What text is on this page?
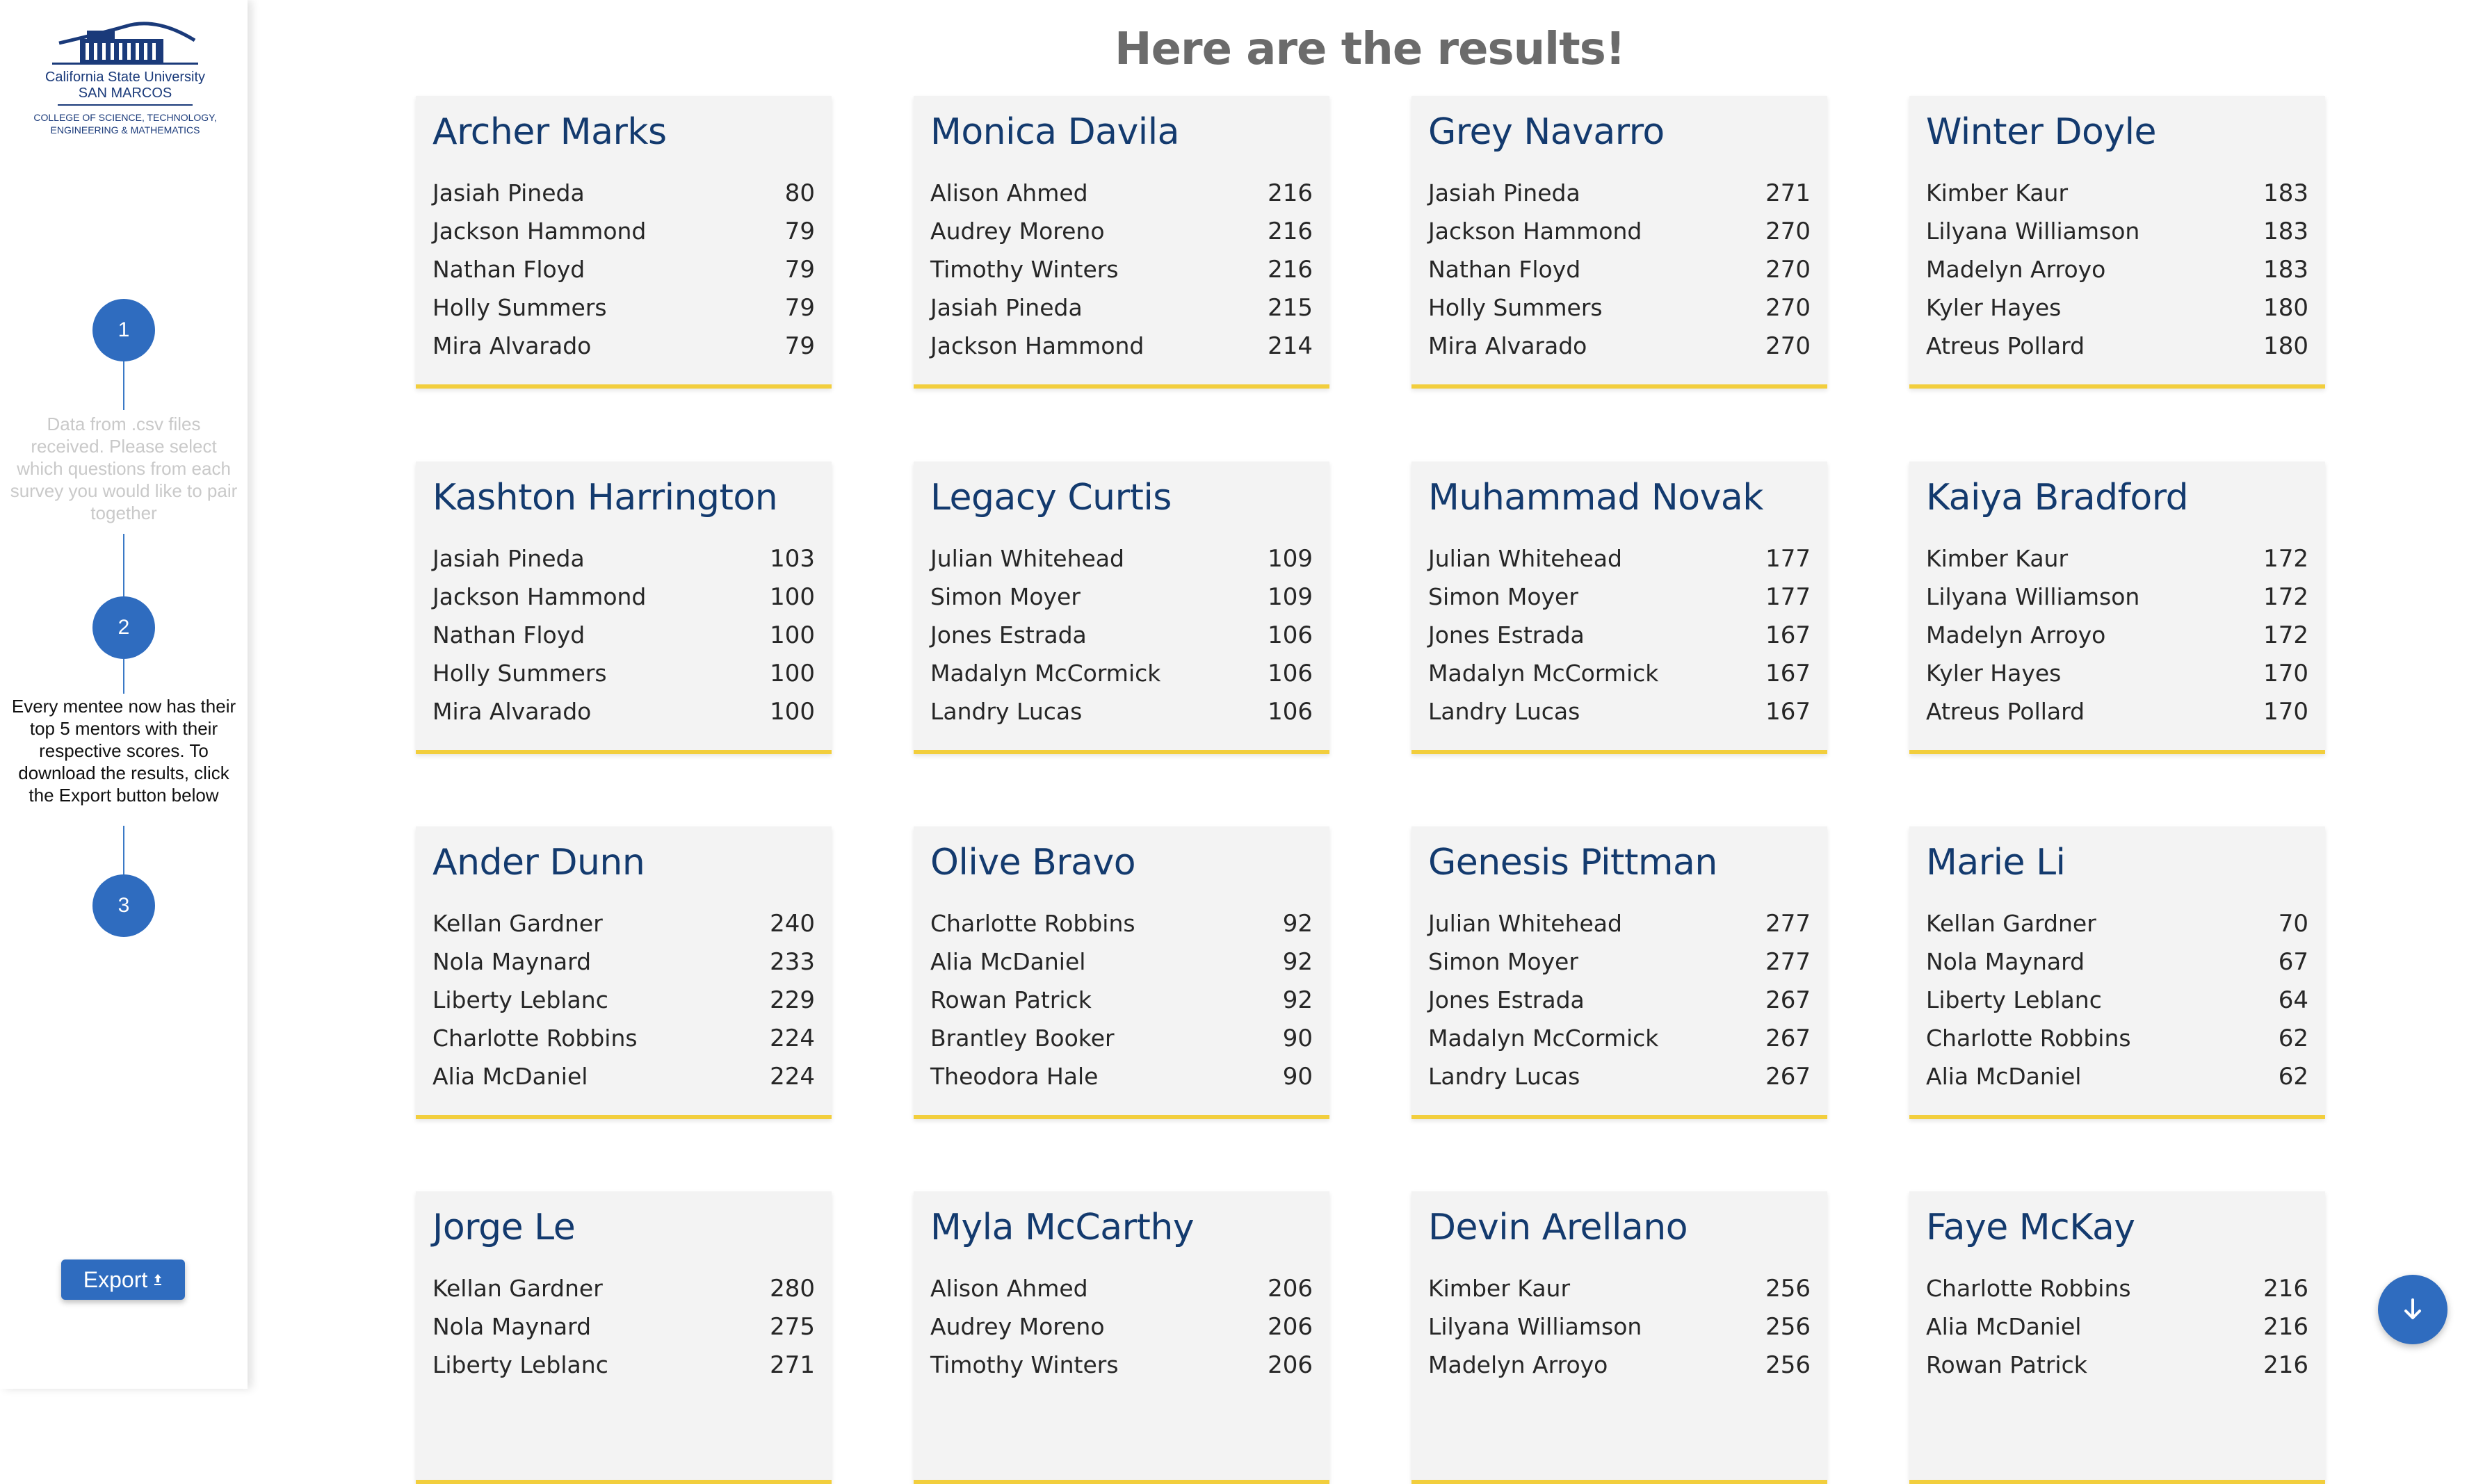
California State University
SAN MARCOS
COLLEGE OF SCIENCE, TECHNOLOGY,
ENGINEERING & MATHEMATICS
1
Data from .csv files received. Please select which questions from each survey you would like to pair together
2
Every mentee now has their top 5 mentors with their respective scores. To download the results, click the Export button below
3
Export
Here are the results!
Archer Marks
Jasiah Pineda	80
Jackson Hammond	79
Nathan Floyd	79
Holly Summers	79
Mira Alvarado	79
Monica Davila
Alison Ahmed	216
Audrey Moreno	216
Timothy Winters	216
Jasiah Pineda	215
Jackson Hammond	214
Grey Navarro
Jasiah Pineda	271
Jackson Hammond	270
Nathan Floyd	270
Holly Summers	270
Mira Alvarado	270
Winter Doyle
Kimber Kaur	183
Lilyana Williamson	183
Madelyn Arroyo	183
Kyler Hayes	180
Atreus Pollard	180
Kashton Harrington
Jasiah Pineda	103
Jackson Hammond	100
Nathan Floyd	100
Holly Summers	100
Mira Alvarado	100
Legacy Curtis
Julian Whitehead	109
Simon Moyer	109
Jones Estrada	106
Madalyn McCormick	106
Landry Lucas	106
Muhammad Novak
Julian Whitehead	177
Simon Moyer	177
Jones Estrada	167
Madalyn McCormick	167
Landry Lucas	167
Kaiya Bradford
Kimber Kaur	172
Lilyana Williamson	172
Madelyn Arroyo	172
Kyler Hayes	170
Atreus Pollard	170
Ander Dunn
Kellan Gardner	240
Nola Maynard	233
Liberty Leblanc	229
Charlotte Robbins	224
Alia McDaniel	224
Olive Bravo
Charlotte Robbins	92
Alia McDaniel	92
Rowan Patrick	92
Brantley Booker	90
Theodora Hale	90
Genesis Pittman
Julian Whitehead	277
Simon Moyer	277
Jones Estrada	267
Madalyn McCormick	267
Landry Lucas	267
Marie Li
Kellan Gardner	70
Nola Maynard	67
Liberty Leblanc	64
Charlotte Robbins	62
Alia McDaniel	62
Jorge Le
Kellan Gardner	280
Nola Maynard	275
Liberty Leblanc	271
Myla McCarthy
Alison Ahmed	206
Audrey Moreno	206
Timothy Winters	206
Devin Arellano
Kimber Kaur	256
Lilyana Williamson	256
Madelyn Arroyo	256
Faye McKay
Charlotte Robbins	216
Alia McDaniel	216
Rowan Patrick	216
